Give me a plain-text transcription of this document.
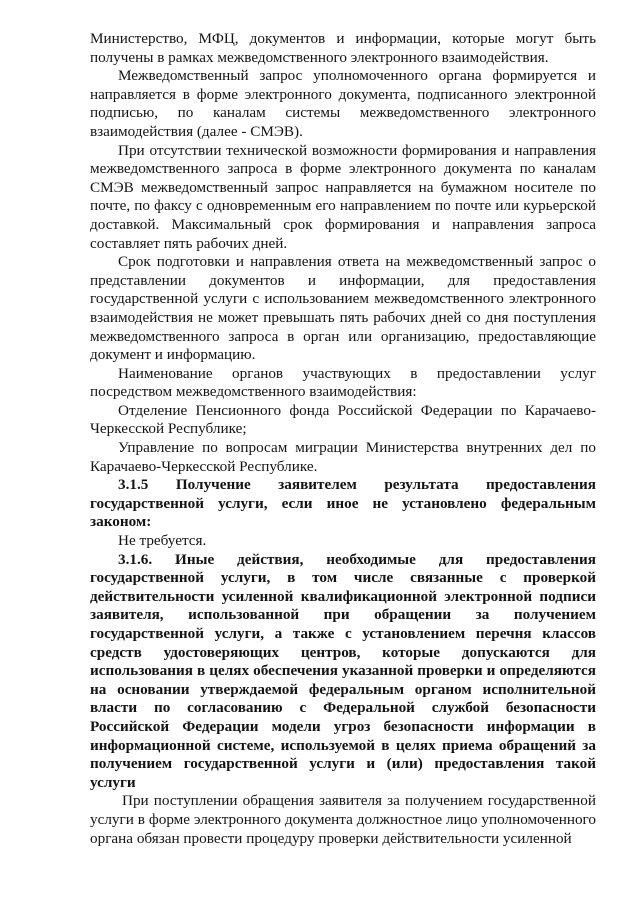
Министерство, МФЦ, документов и информации, которые могут быть получены в рамках межведомственного электронного взаимодействия.

Межведомственный запрос уполномоченного органа формируется и направляется в форме электронного документа, подписанного электронной подписью, по каналам системы межведомственного электронного взаимодействия (далее - СМЭВ).

При отсутствии технической возможности формирования и направления межведомственного запроса в форме электронного документа по каналам СМЭВ межведомственный запрос направляется на бумажном носителе по почте, по факсу с одновременным его направлением по почте или курьерской доставкой. Максимальный срок формирования и направления запроса составляет пять рабочих дней.

Срок подготовки и направления ответа на межведомственный запрос о представлении документов и информации, для предоставления государственной услуги с использованием межведомственного электронного взаимодействия не может превышать пять рабочих дней со дня поступления межведомственного запроса в орган или организацию, предоставляющие документ и информацию.

Наименование органов участвующих в предоставлении услуг посредством межведомственного взаимодействия:

Отделение Пенсионного фонда Российской Федерации по Карачаево-Черкесской Республике;

Управление по вопросам миграции Министерства внутренних дел по Карачаево-Черкесской Республике.

3.1.5 Получение заявителем результата предоставления государственной услуги, если иное не установлено федеральным законом:

Не требуется.

3.1.6. Иные действия, необходимые для предоставления государственной услуги, в том числе связанные с проверкой действительности усиленной квалификационной электронной подписи заявителя, использованной при обращении за получением государственной услуги, а также с установлением перечня классов средств удостоверяющих центров, которые допускаются для использования в целях обеспечения указанной проверки и определяются на основании утверждаемой федеральным органом исполнительной власти по согласованию с Федеральной службой безопасности Российской Федерации модели угроз безопасности информации в информационной системе, используемой в целях приема обращений за получением государственной услуги и (или) предоставления такой услуги

При поступлении обращения заявителя за получением государственной услуги в форме электронного документа должностное лицо уполномоченного органа обязан провести процедуру проверки действительности усиленной
